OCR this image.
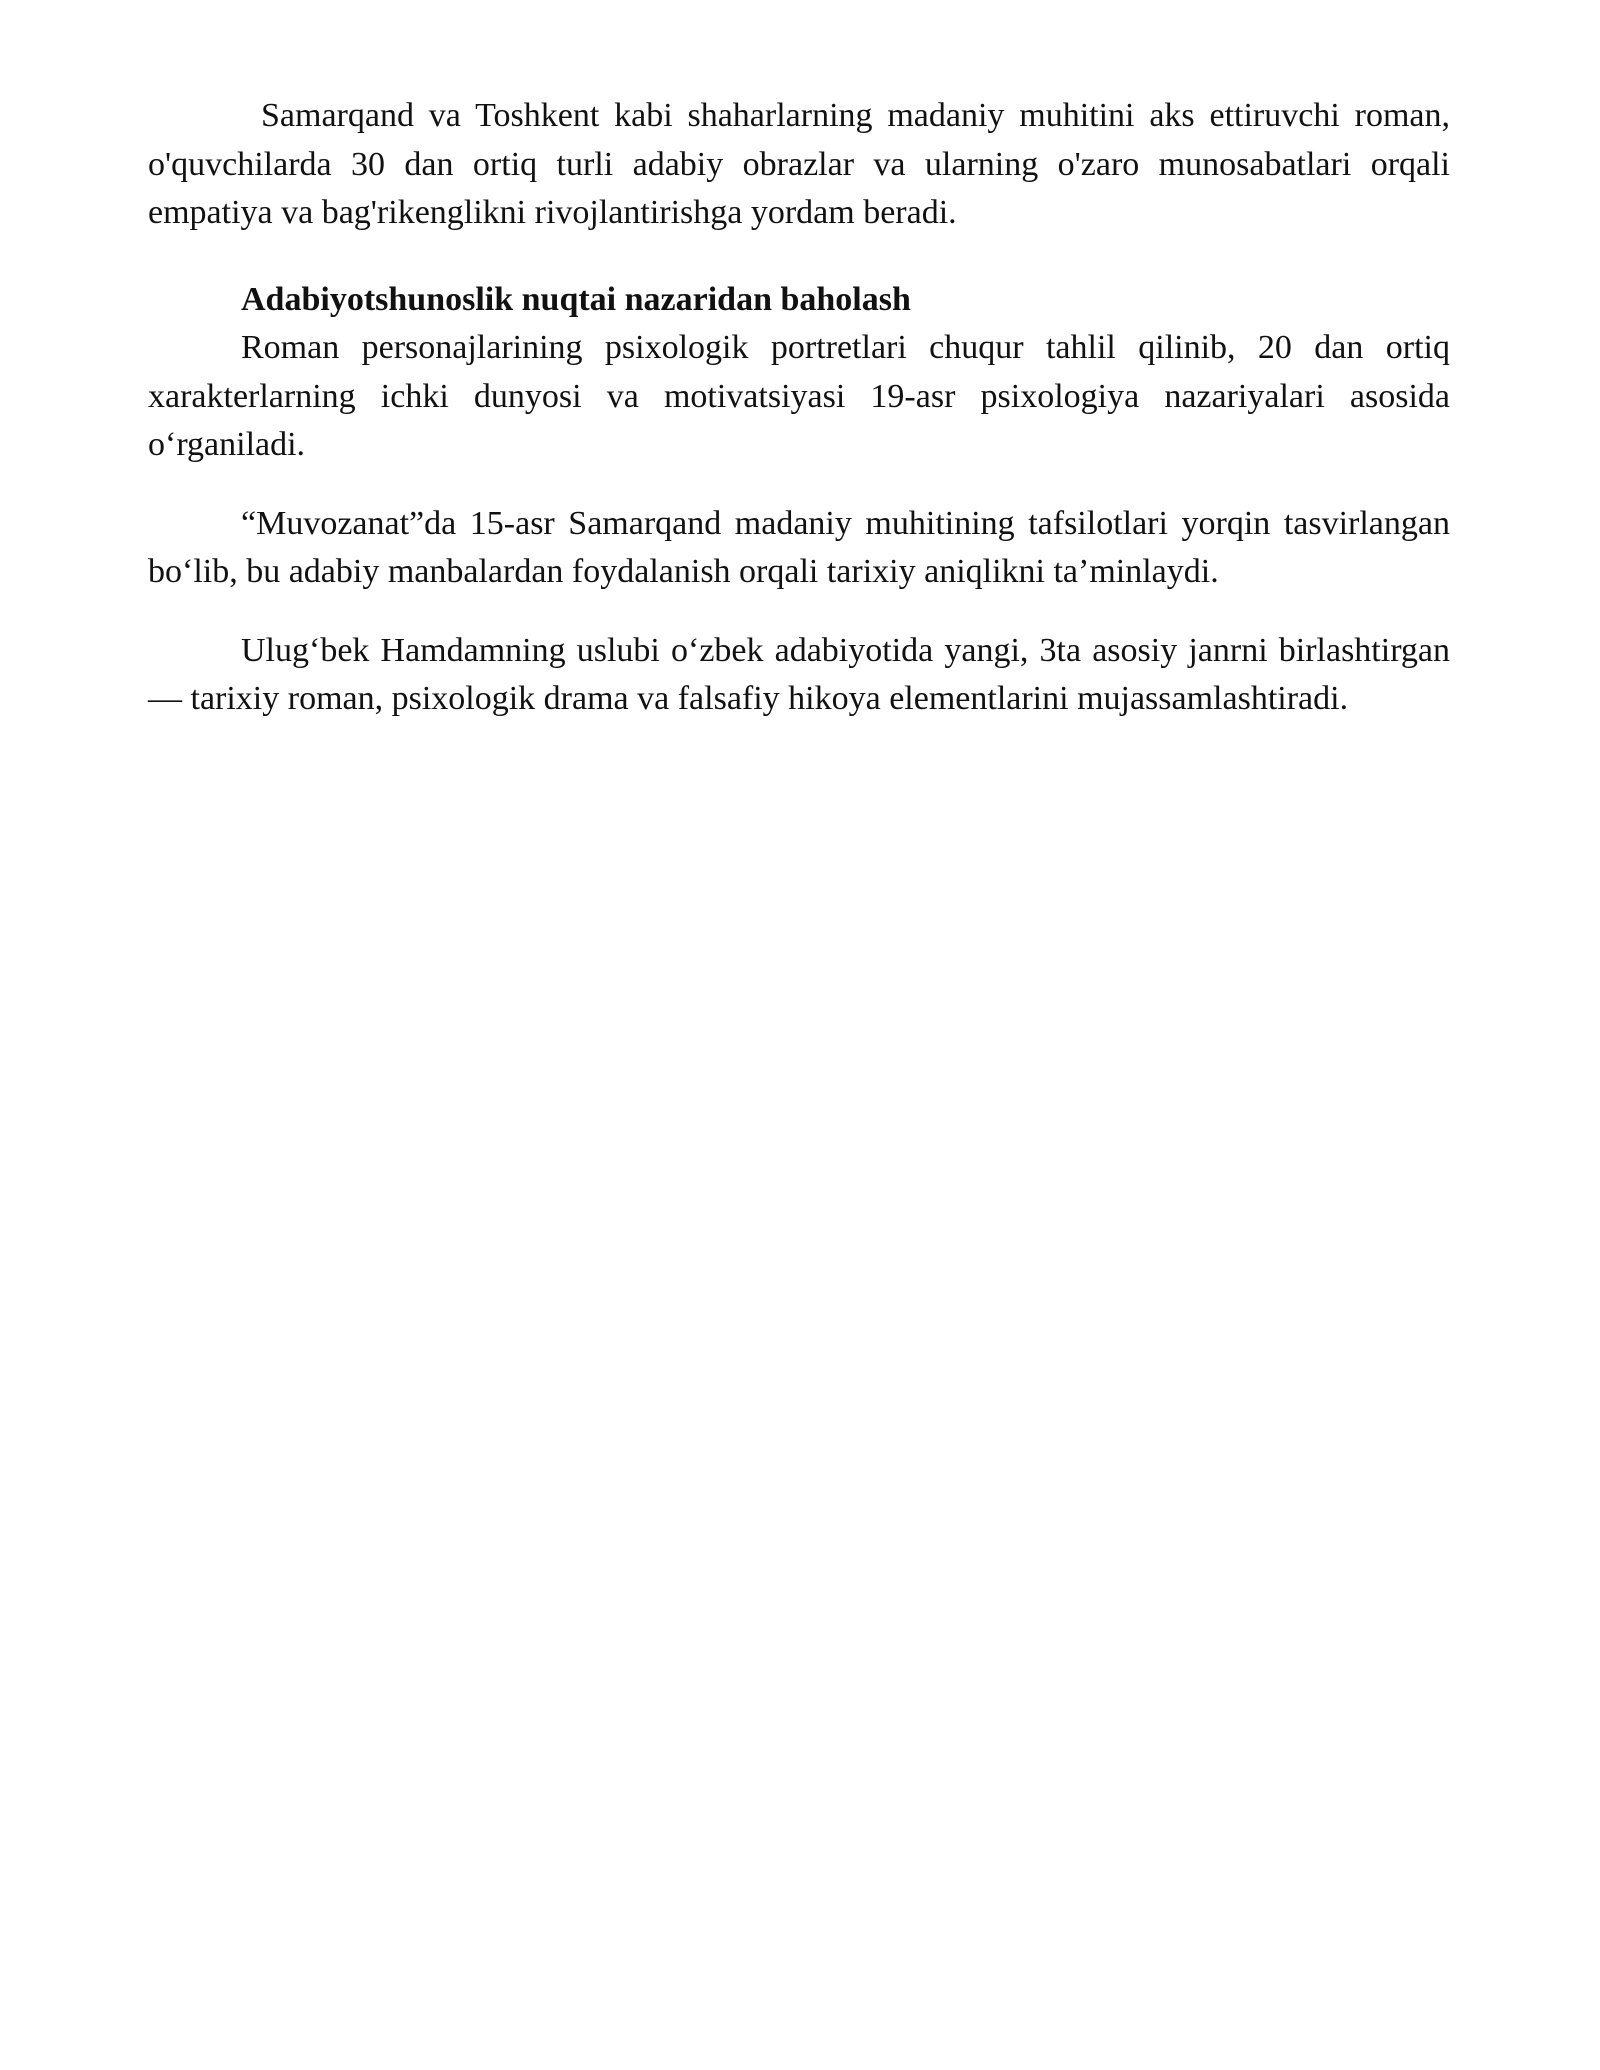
Samarqand va Toshkent kabi shaharlarning madaniy muhitini aks ettiruvchi roman, o'quvchilarda 30 dan ortiq turli adabiy obrazlar va ularning o'zaro munosabatlari orqali empatiya va bag'rikenglikni rivojlantirishga yordam beradi.

Adabiyotshunoslik nuqtai nazaridan baholash

Roman personajlarining psixologik portretlari chuqur tahlil qilinib, 20 dan ortiq xarakterlarning ichki dunyosi va motivatsiyasi 19-asr psixologiya nazariyalari asosida o‘rganiladi.

“Muvozanat”da 15-asr Samarqand madaniy muhitining tafsilotlari yorqin tasvirlangan bo‘lib, bu adabiy manbalardan foydalanish orqali tarixiy aniqlikni ta’minlaydi.

Ulug‘bek Hamdamning uslubi o‘zbek adabiyotida yangi, 3ta asosiy janrni birlashtirgan — tarixiy roman, psixologik drama va falsafiy hikoya elementlarini mujassamlashtiradi.
